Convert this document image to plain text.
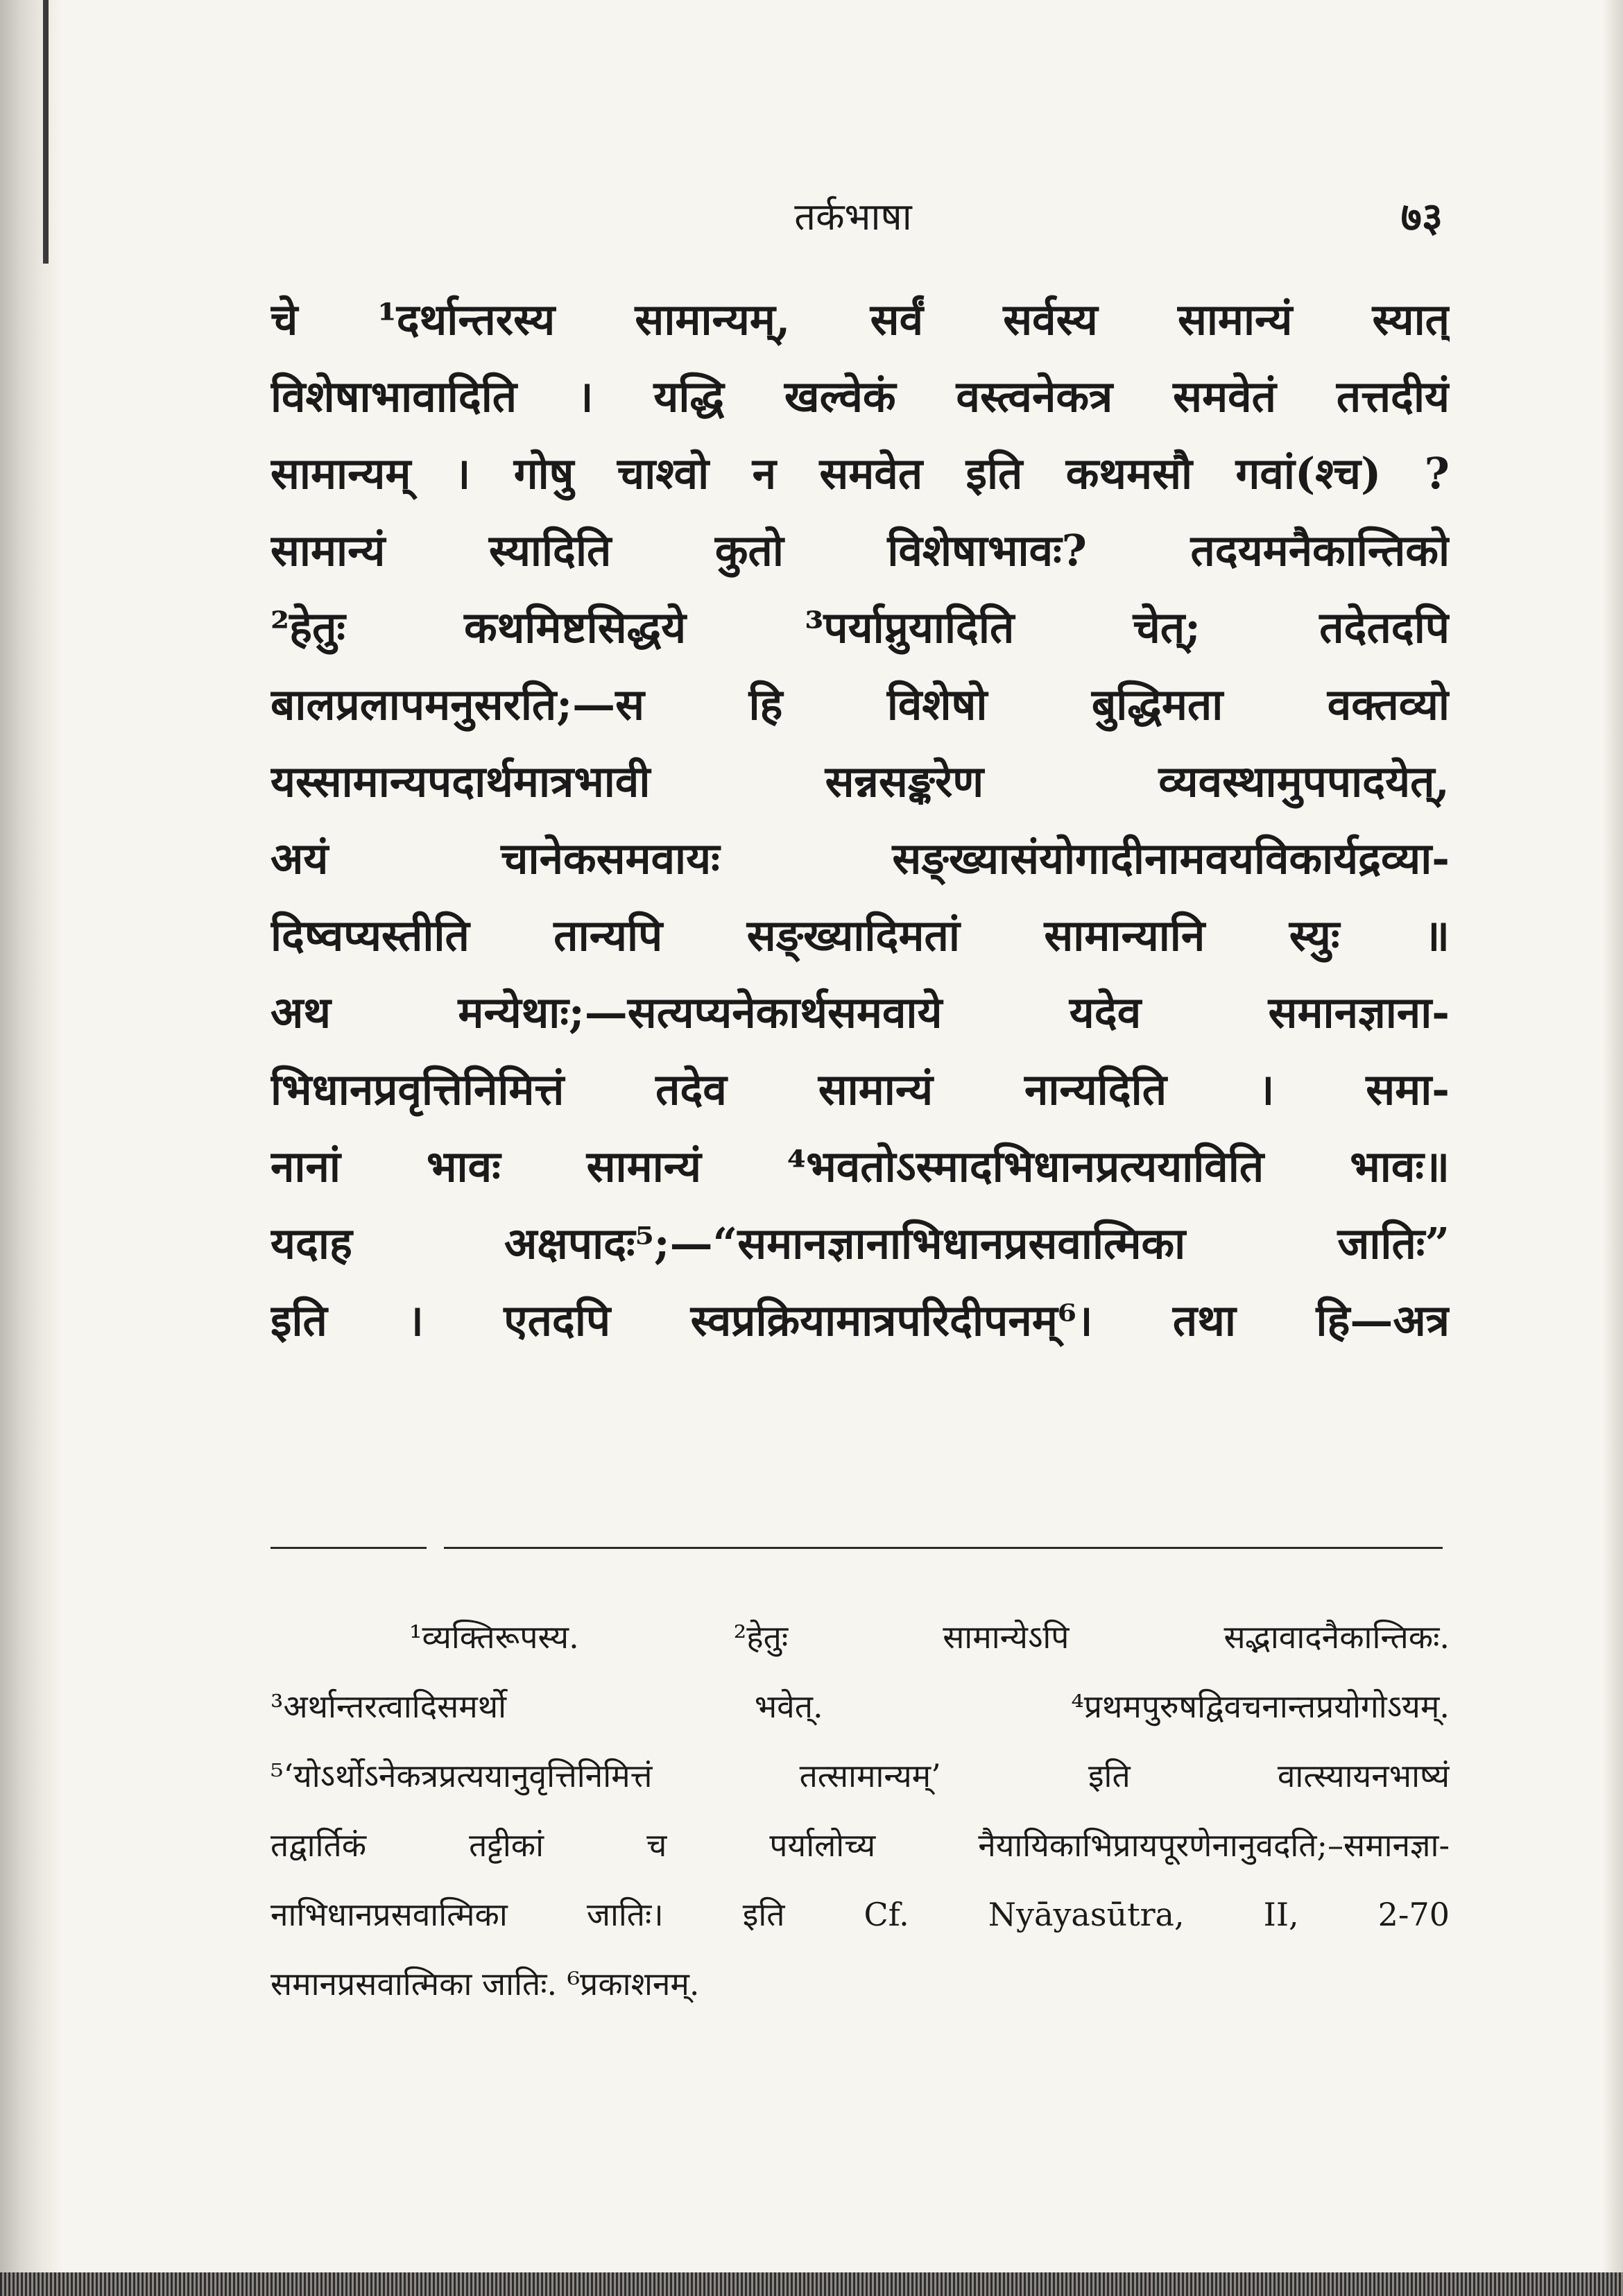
तर्कभाषा	७३
चे ¹दर्थान्तरस्य सामान्यम्, सर्वं सर्वस्य सामान्यं स्यात्
विशेषाभावादिति । यद्धि खल्वेकं वस्त्वनेकत्र समवेतं तत्तदीयं
सामान्यम् । गोषु चाश्वो न समवेत इति कथमसौ गवां(श्च) ?
सामान्यं स्यादिति कुतो विशेषाभावः? तदयमनैकान्तिको
²हेतुः कथमिष्टसिद्धये ³पर्याप्नुयादिति चेत्; तदेतदपि
बालप्रलापमनुसरति;—स हि विशेषो बुद्धिमता वक्तव्यो
यस्सामान्यपदार्थमात्रभावी सन्नसङ्करेण व्यवस्थामुपपादयेत्,
अयं चानेकसमवायः सङ्ख्यासंयोगादीनामवयविकार्यद्रव्या-
दिष्वप्यस्तीति तान्यपि सङ्ख्यादिमतां सामान्यानि स्युः ॥
अथ मन्येथाः;—सत्यप्यनेकार्थसमवाये यदेव समानज्ञाना-
भिधानप्रवृत्तिनिमित्तं तदेव सामान्यं नान्यदिति । समा-
नानां भावः सामान्यं ⁴भवतोऽस्मादभिधानप्रत्ययाविति भावः॥
यदाह अक्षपादः⁵;—“समानज्ञानाभिधानप्रसवात्मिका जातिः”
इति । एतदपि स्वप्रक्रियामात्रपरिदीपनम्⁶। तथा हि—अत्र
¹व्यक्तिरूपस्य. ²हेतुः सामान्येऽपि सद्भावादनैकान्तिकः.
³अर्थान्तरत्वादिसमर्थो भवेत्. ⁴प्रथमपुरुषद्विवचनान्तप्रयोगोऽयम्.
⁵‘योऽर्थोऽनेकत्रप्रत्ययानुवृत्तिनिमित्तं तत्सामान्यम्’ इति वात्स्यायनभाष्यं
तद्वार्तिकं तट्टीकां च पर्यालोच्य नैयायिकाभिप्रायपूरणेनानुवदति;–समानज्ञा-
नाभिधानप्रसवात्मिका जातिः। इति Cf. Nyāyasūtra, II, 2-70
समानप्रसवात्मिका जातिः. ⁶प्रकाशनम्.
